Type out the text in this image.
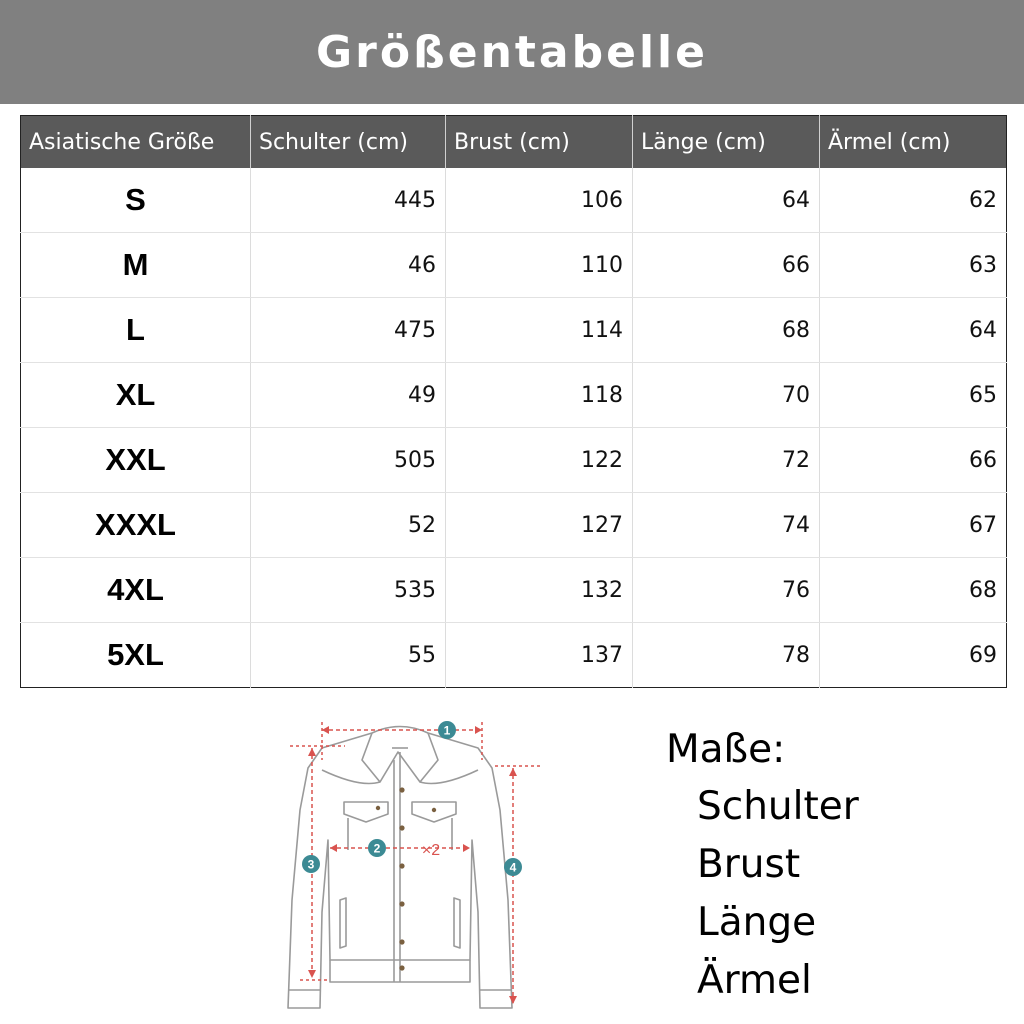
Größentabelle
Asiatische Größe	Schulter (cm)	Brust (cm)	Länge (cm)	Ärmel (cm)
S	445	106	64	62
M	46	110	66	63
L	475	114	68	64
XL	49	118	70	65
XXL	505	122	72	66
XXXL	52	127	74	67
4XL	535	132	76	68
5XL	55	137	78	69
1
2
3	4
×2
Maße:
Schulter
Brust
Länge
Ärmel
